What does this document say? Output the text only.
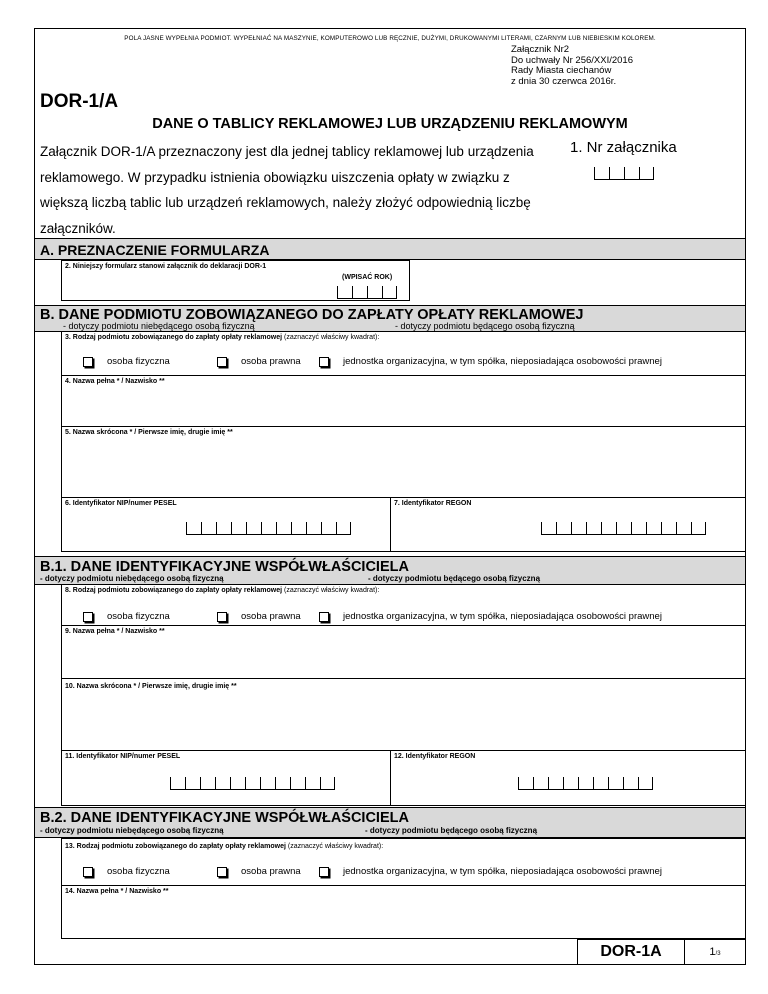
POLA JASNE WYPEŁNIA PODMIOT. WYPEŁNIAĆ NA MASZYNIE, KOMPUTEROWO LUB RĘCZNIE, DUŻYMI, DRUKOWANYMI LITERAMI, CZARNYM LUB NIEBIESKIM KOLOREM.
Załącznik Nr2
Do uchwały Nr 256/XXI/2016
Rady Miasta ciechanów
z dnia 30 czerwca 2016r.
DOR-1/A
DANE O TABLICY REKLAMOWEJ LUB URZĄDZENIU REKLAMOWYM
Załącznik DOR-1/A przeznaczony jest dla jednej tablicy reklamowej lub urządzenia reklamowego. W przypadku istnienia obowiązku uiszczenia opłaty w związku z większą liczbą tablic lub urządzeń reklamowych, należy złożyć odpowiednią liczbę załączników.
1. Nr załącznika
A. PREZNACZENIE FORMULARZA
2. Niniejszy formularz stanowi załącznik do deklaracji DOR-1
(WPISAĆ ROK)
B. DANE PODMIOTU ZOBOWIĄZANEGO DO ZAPŁATY OPŁATY REKLAMOWEJ
- dotyczy podmiotu niebędącego osobą fizyczną	- dotyczy podmiotu będącego osobą fizyczną
3. Rodzaj podmiotu zobowiązanego do zapłaty opłaty reklamowej (zaznaczyć właściwy kwadrat):
osoba fizyczna	osoba prawna	jednostka organizacyjna, w tym spółka, nieposiadająca osobowości prawnej
4. Nazwa pełna * / Nazwisko **
5. Nazwa skrócona * / Pierwsze imię, drugie imię **
6. Identyfikator NIP/numer PESEL	7. Identyfikator REGON
B.1. DANE IDENTYFIKACYJNE WSPÓŁWŁAŚCICIELA
- dotyczy podmiotu niebędącego osobą fizyczną	- dotyczy podmiotu będącego osobą fizyczną
8. Rodzaj podmiotu zobowiązanego do zapłaty opłaty reklamowej (zaznaczyć właściwy kwadrat):
osoba fizyczna	osoba prawna	jednostka organizacyjna, w tym spółka, nieposiadająca osobowości prawnej
9. Nazwa pełna * / Nazwisko **
10. Nazwa skrócona * / Pierwsze imię, drugie imię **
11. Identyfikator NIP/numer PESEL	12. Identyfikator REGON
B.2. DANE IDENTYFIKACYJNE WSPÓŁWŁAŚCICIELA
- dotyczy podmiotu niebędącego osobą fizyczną	- dotyczy podmiotu będącego osobą fizyczną
13. Rodzaj podmiotu zobowiązanego do zapłaty opłaty reklamowej (zaznaczyć właściwy kwadrat):
osoba fizyczna	osoba prawna	jednostka organizacyjna, w tym spółka, nieposiadająca osobowości prawnej
14. Nazwa pełna * / Nazwisko **
DOR-1A	1/3
